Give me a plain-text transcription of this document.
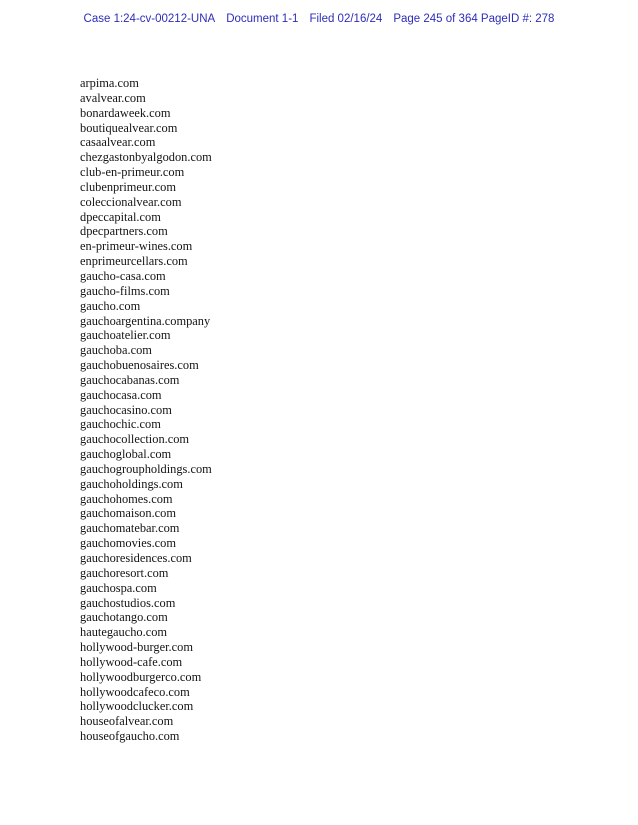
Case 1:24-cv-00212-UNA Document 1-1 Filed 02/16/24 Page 245 of 364 PageID #: 278
arpima.com
avalvear.com
bonardaweek.com
boutiquealvear.com
casaalvear.com
chezgastonbyalgodon.com
club-en-primeur.com
clubenprimeur.com
coleccionalvear.com
dpeccapital.com
dpecpartners.com
en-primeur-wines.com
enprimeurcellars.com
gaucho-casa.com
gaucho-films.com
gaucho.com
gauchoargentina.company
gauchoatelier.com
gauchoba.com
gauchobuenosaires.com
gauchocabanas.com
gauchocasa.com
gauchocasino.com
gauchochic.com
gauchocollection.com
gauchoglobal.com
gauchogroupholdings.com
gauchoholdings.com
gauchohomes.com
gauchomaison.com
gauchomatebar.com
gauchomovies.com
gauchoresidences.com
gauchoresort.com
gauchospa.com
gauchostudios.com
gauchotango.com
hautegaucho.com
hollywood-burger.com
hollywood-cafe.com
hollywoodburgerco.com
hollywoodcafeco.com
hollywoodclucker.com
houseofalvear.com
houseofgaucho.com
